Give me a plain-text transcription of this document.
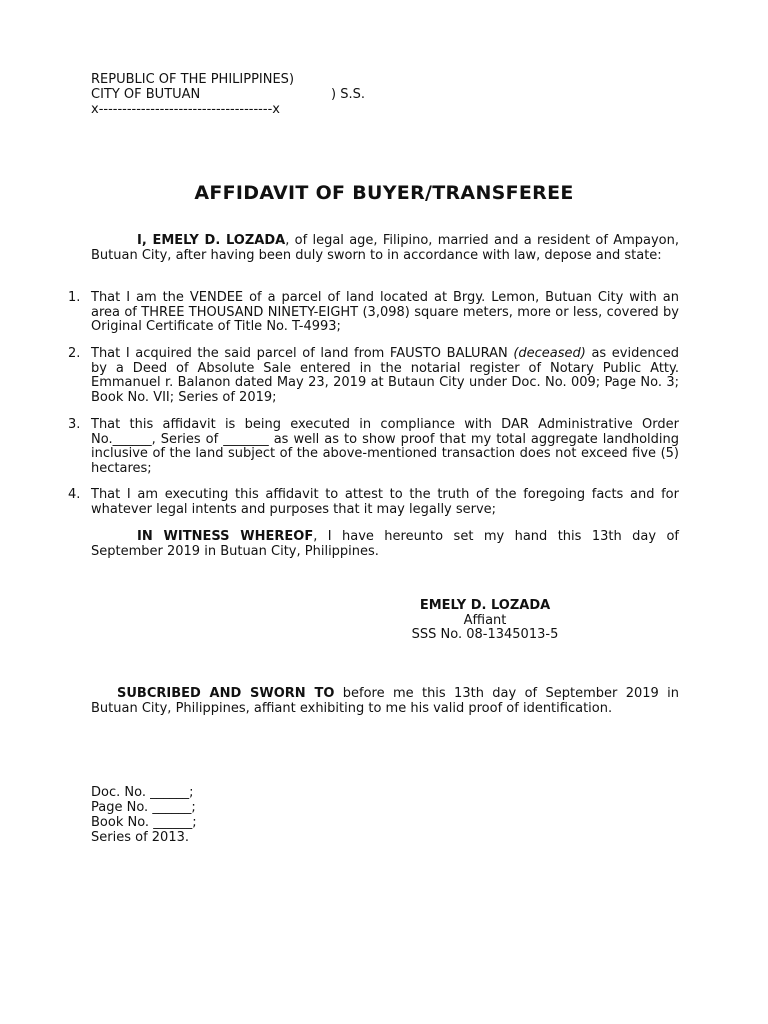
REPUBLIC OF THE PHILIPPINES)
CITY OF BUTUAN	) S.S.
x-------------------------------------x
AFFIDAVIT OF BUYER/TRANSFEREE
I, EMELY D. LOZADA, of legal age, Filipino, married and a resident of Ampayon, Butuan City, after having been duly sworn to in accordance with law, depose and state:
1. That I am the VENDEE of a parcel of land located at Brgy. Lemon, Butuan City with an area of THREE THOUSAND NINETY-EIGHT (3,098) square meters, more or less, covered by Original Certificate of Title No. T-4993;
2. That I acquired the said parcel of land from FAUSTO BALURAN (deceased) as evidenced by a Deed of Absolute Sale entered in the notarial register of Notary Public Atty. Emmanuel r. Balanon dated May 23, 2019 at Butaun City under Doc. No. 009; Page No. 3; Book No. VII; Series of 2019;
3. That this affidavit is being executed in compliance with DAR Administrative Order No.______, Series of _______ as well as to show proof that my total aggregate landholding inclusive of the land subject of the above-mentioned transaction does not exceed five (5) hectares;
4. That I am executing this affidavit to attest to the truth of the foregoing facts and for whatever legal intents and purposes that it may legally serve;
IN WITNESS WHEREOF, I have hereunto set my hand this 13th day of September 2019 in Butuan City, Philippines.
EMELY D. LOZADA
Affiant
SSS No. 08-1345013-5
SUBCRIBED AND SWORN TO before me this 13th day of September 2019 in Butuan City, Philippines, affiant exhibiting to me his valid proof of identification.
Doc. No. ______;
Page No. ______;
Book No. ______;
Series of 2013.
